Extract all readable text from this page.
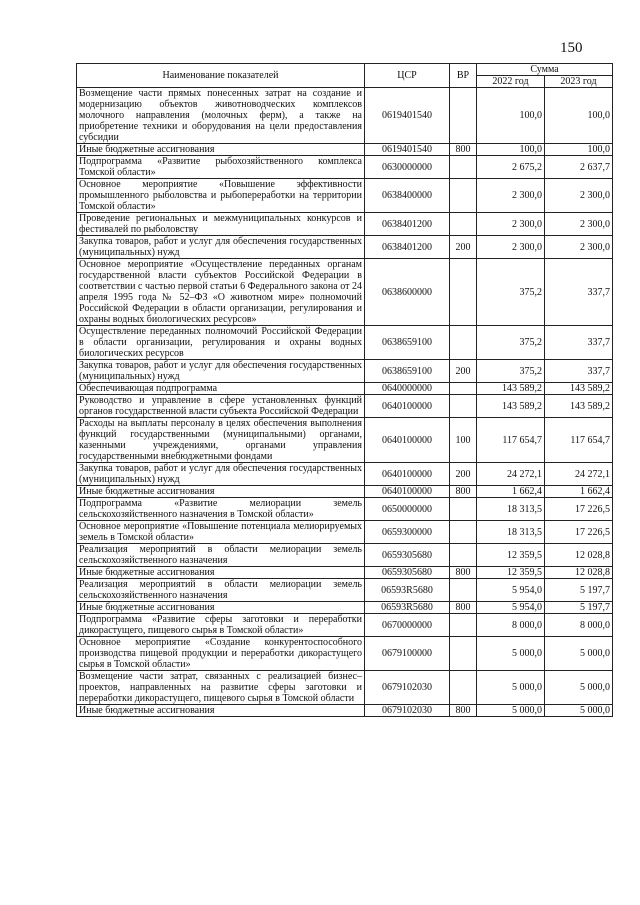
150
Наименование показателей	ЦСР	ВР	Сумма	
			2022 год	2023 год
Возмещение части прямых понесенных затрат на создание и модернизацию объектов животноводческих комплексов молочного направления (молочных ферм), а также на приобретение техники и оборудования на цели предоставления субсидии	0619401540		100,0	100,0
Иные бюджетные ассигнования	0619401540	800	100,0	100,0
Подпрограмма «Развитие рыбохозяйственного комплекса Томской области»	0630000000		2 675,2	2 637,7
Основное мероприятие «Повышение эффективности промышленного рыболовства и рыбопереработки на территории Томской области»	0638400000		2 300,0	2 300,0
Проведение региональных и межмуниципальных конкурсов и фестивалей по рыболовству	0638401200		2 300,0	2 300,0
Закупка товаров, работ и услуг для обеспечения государственных (муниципальных) нужд	0638401200	200	2 300,0	2 300,0
Основное мероприятие «Осуществление переданных органам государственной власти субъектов Российской Федерации в соответствии с частью первой статьи 6 Федерального закона от 24 апреля 1995 года № 52–ФЗ «О животном мире» полномочий Российской Федерации в области организации, регулирования и охраны водных биологических ресурсов»	0638600000		375,2	337,7
Осуществление переданных полномочий Российской Федерации в области организации, регулирования и охраны водных биологических ресурсов	0638659100		375,2	337,7
Закупка товаров, работ и услуг для обеспечения государственных (муниципальных) нужд	0638659100	200	375,2	337,7
Обеспечивающая подпрограмма	0640000000		143 589,2	143 589,2
Руководство и управление в сфере установленных функций органов государственной власти субъекта Российской Федерации	0640100000		143 589,2	143 589,2
Расходы на выплаты персоналу в целях обеспечения выполнения функций государственными (муниципальными) органами, казенными учреждениями, органами управления государственными внебюджетными фондами	0640100000	100	117 654,7	117 654,7
Закупка товаров, работ и услуг для обеспечения государственных (муниципальных) нужд	0640100000	200	24 272,1	24 272,1
Иные бюджетные ассигнования	0640100000	800	1 662,4	1 662,4
Подпрограмма «Развитие мелиорации земель сельскохозяйственного назначения в Томской области»	0650000000		18 313,5	17 226,5
Основное мероприятие «Повышение потенциала мелиорируемых земель в Томской области»	0659300000		18 313,5	17 226,5
Реализация мероприятий в области мелиорации земель сельскохозяйственного назначения	0659305680		12 359,5	12 028,8
Иные бюджетные ассигнования	0659305680	800	12 359,5	12 028,8
Реализация мероприятий в области мелиорации земель сельскохозяйственного назначения	06593R5680		5 954,0	5 197,7
Иные бюджетные ассигнования	06593R5680	800	5 954,0	5 197,7
Подпрограмма «Развитие сферы заготовки и переработки дикорастущего, пищевого сырья в Томской области»	0670000000		8 000,0	8 000,0
Основное мероприятие «Создание конкурентоспособного производства пищевой продукции и переработки дикорастущего сырья в Томской области»	0679100000		5 000,0	5 000,0
Возмещение части затрат, связанных с реализацией бизнес–проектов, направленных на развитие сферы заготовки и переработки дикорастущего, пищевого сырья в Томской области	0679102030		5 000,0	5 000,0
Иные бюджетные ассигнования	0679102030	800	5 000,0	5 000,0
